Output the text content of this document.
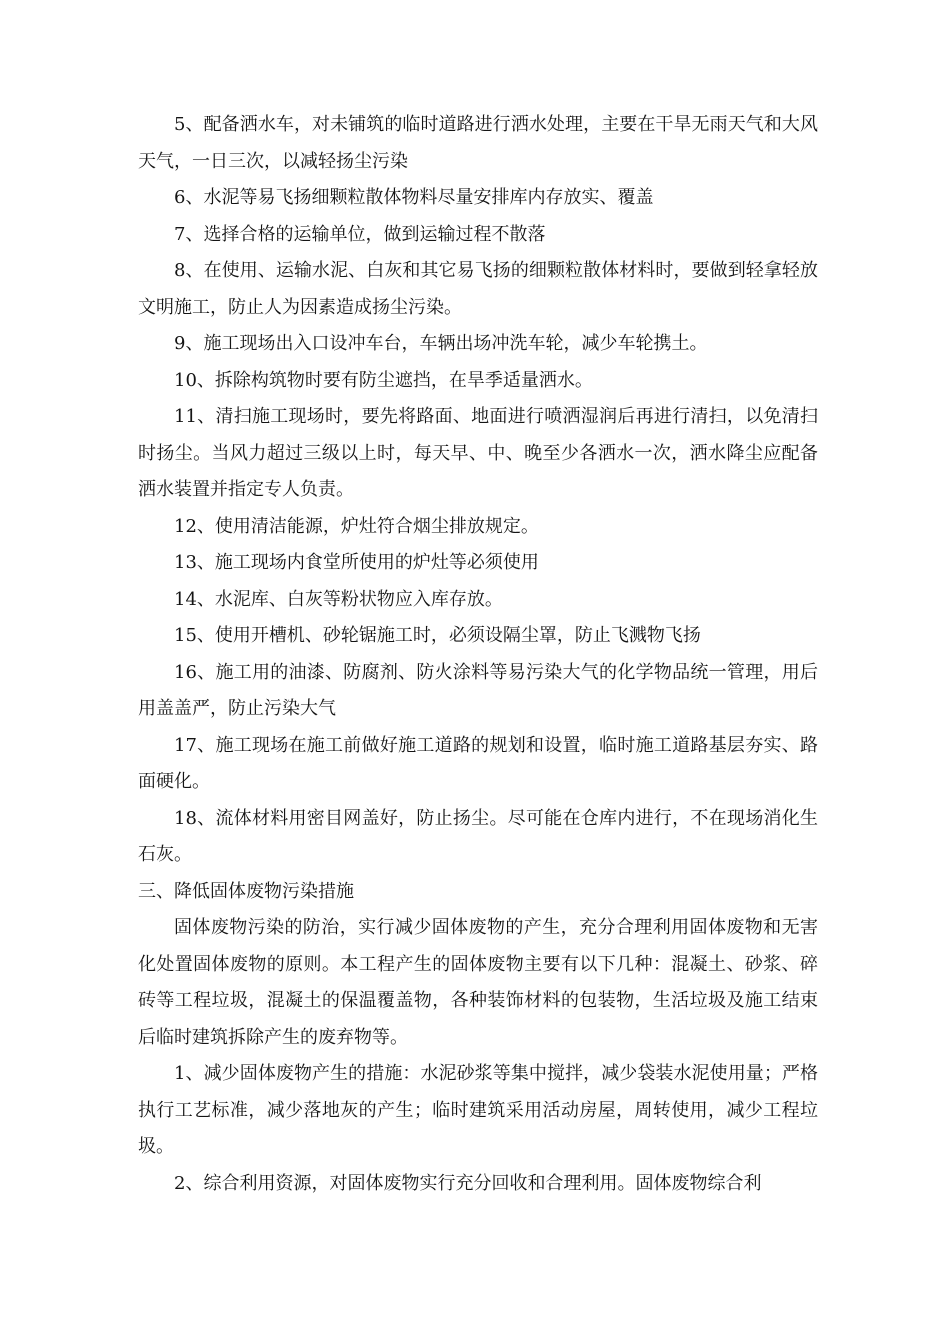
5、配备洒水车，对未铺筑的临时道路进行洒水处理，主要在干旱无雨天气和大风天气，一日三次，以减轻扬尘污染

6、水泥等易飞扬细颗粒散体物料尽量安排库内存放实、覆盖

7、选择合格的运输单位，做到运输过程不散落

8、在使用、运输水泥、白灰和其它易飞扬的细颗粒散体材料时，要做到轻拿轻放文明施工，防止人为因素造成扬尘污染。

9、施工现场出入口设冲车台，车辆出场冲洗车轮，减少车轮携土。

10、拆除构筑物时要有防尘遮挡，在旱季适量洒水。

11、清扫施工现场时，要先将路面、地面进行喷洒湿润后再进行清扫，以免清扫时扬尘。当风力超过三级以上时，每天早、中、晚至少各洒水一次，洒水降尘应配备洒水装置并指定专人负责。

12、使用清洁能源，炉灶符合烟尘排放规定。

13、施工现场内食堂所使用的炉灶等必须使用

14、水泥库、白灰等粉状物应入库存放。

15、使用开槽机、砂轮锯施工时，必须设隔尘罩，防止飞溅物飞扬

16、施工用的油漆、防腐剂、防火涂料等易污染大气的化学物品统一管理，用后用盖盖严，防止污染大气

17、施工现场在施工前做好施工道路的规划和设置，临时施工道路基层夯实、路面硬化。

18、流体材料用密目网盖好，防止扬尘。尽可能在仓库内进行，不在现场消化生石灰。

三、降低固体废物污染措施

固体废物污染的防治，实行减少固体废物的产生，充分合理利用固体废物和无害化处置固体废物的原则。本工程产生的固体废物主要有以下几种：混凝土、砂浆、碎砖等工程垃圾，混凝土的保温覆盖物，各种装饰材料的包装物，生活垃圾及施工结束后临时建筑拆除产生的废弃物等。

1、减少固体废物产生的措施：水泥砂浆等集中搅拌，减少袋装水泥使用量；严格执行工艺标准，减少落地灰的产生；临时建筑采用活动房屋，周转使用，减少工程垃圾。

2、综合利用资源，对固体废物实行充分回收和合理利用。固体废物综合利
